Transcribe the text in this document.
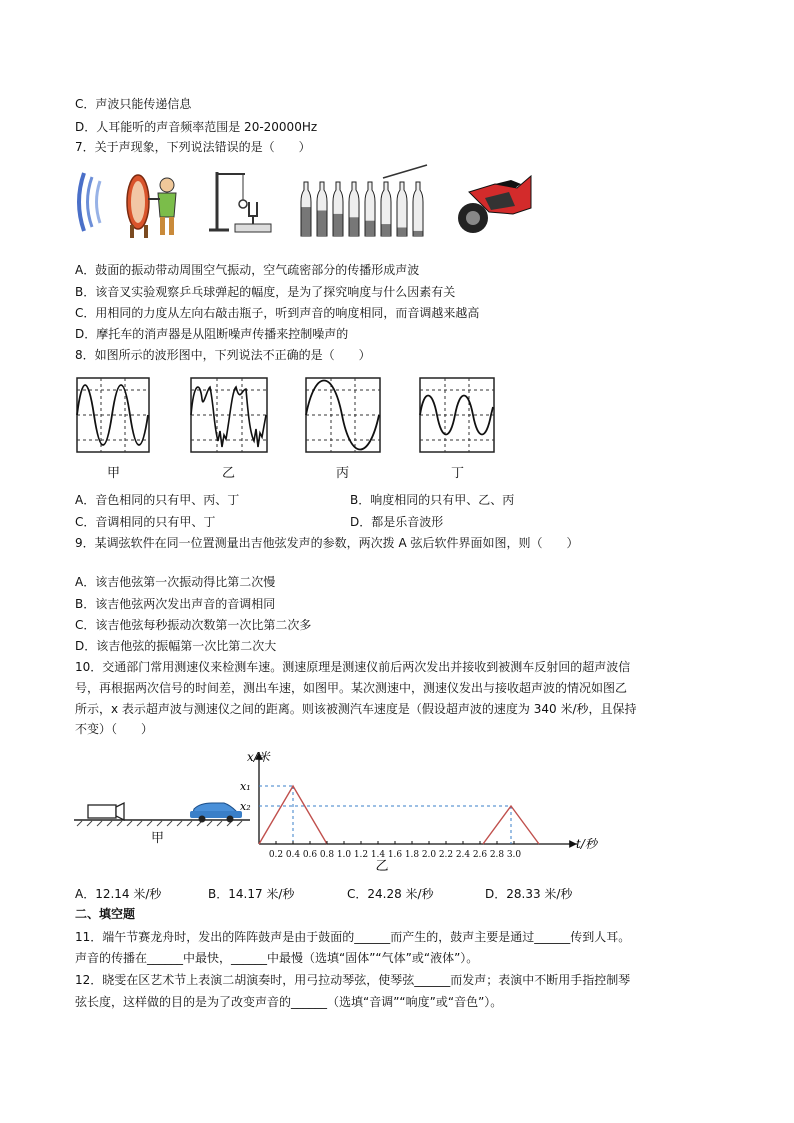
C．声波只能传递信息
D．人耳能听的声音频率范围是 20-20000Hz
7．关于声现象，下列说法错误的是（　　）
A．鼓面的振动带动周围空气振动，空气疏密部分的传播形成声波
B．该音叉实验观察乒乓球弹起的幅度，是为了探究响度与什么因素有关
C．用相同的力度从左向右敲击瓶子，听到声音的响度相同，而音调越来越高
D．摩托车的消声器是从阻断噪声传播来控制噪声的
8．如图所示的波形图中，下列说法不正确的是（　　）
甲	乙	丙	丁
A．音色相同的只有甲、丙、丁	B．响度相同的只有甲、乙、丙
C．音调相同的只有甲、丁	D．都是乐音波形
9．某调弦软件在同一位置测量出吉他弦发声的参数，两次拨 A 弦后软件界面如图，则（　　）
A．该吉他弦第一次振动得比第二次慢
B．该吉他弦两次发出声音的音调相同
C．该吉他弦每秒振动次数第一次比第二次多
D．该吉他弦的振幅第一次比第二次大
10．交通部门常用测速仪来检测车速。测速原理是测速仪前后两次发出并接收到被测车反射回的超声波信
号，再根据两次信号的时间差，测出车速，如图甲。某次测速中，测速仪发出与接收超声波的情况如图乙
所示，x 表示超声波与测速仪之间的距离。则该被测汽车速度是（假设超声波的速度为 340 米/秒，且保持
不变）（　　）
甲
0.2 0.4 0.6 0.8 1.0 1.2 1.4 1.6 1.8 2.0 2.2 2.4 2.6 2.8 3.0
x/米
x₁
x₂
t/秒
乙
A．12.14 米/秒	B．14.17 米/秒	C．24.28 米/秒	D．28.33 米/秒
二、填空题
11．端午节赛龙舟时，发出的阵阵鼓声是由于鼓面的______而产生的，鼓声主要是通过______传到人耳。
声音的传播在______中最快，______中最慢（选填“固体”“气体”或“液体”）。
12．晓雯在区艺术节上表演二胡演奏时，用弓拉动琴弦，使琴弦______而发声；表演中不断用手指控制琴
弦长度，这样做的目的是为了改变声音的______（选填“音调”“响度”或“音色”）。
